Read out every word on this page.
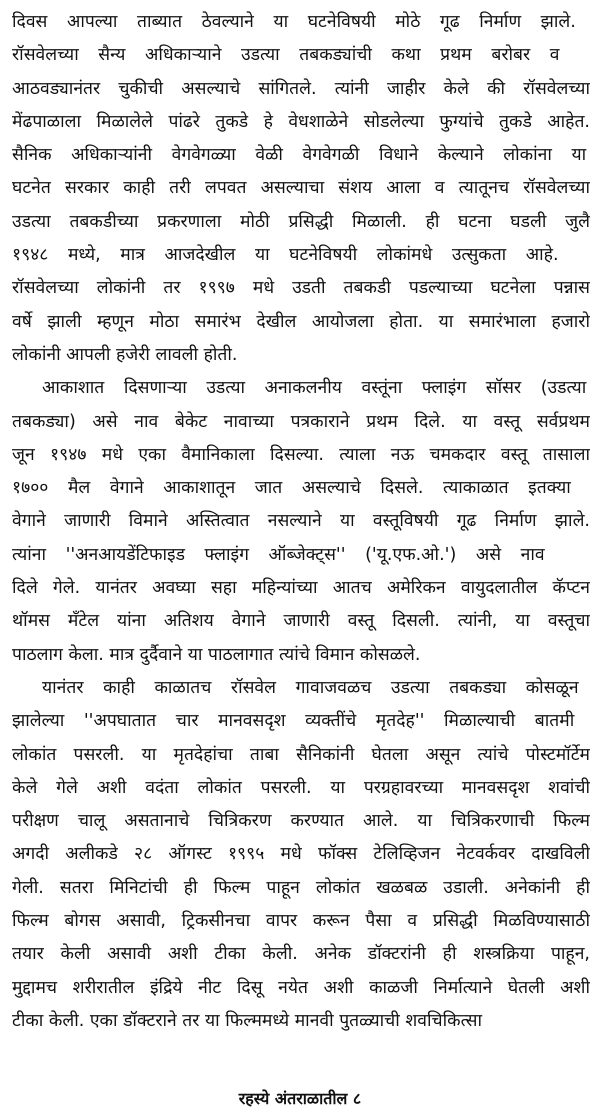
दिवस आपल्या ताब्यात ठेवल्याने या घटनेविषयी मोठे गूढ निर्माण झाले.
रॉसवेलच्या सैन्य अधिकाऱ्याने उडत्या तबकड्यांची कथा प्रथम बरोबर व
आठवड्यानंतर चुकीची असल्याचे सांगितले. त्यांनी जाहीर केले की रॉसवेलच्या
मेंढपाळाला मिळालेले पांढरे तुकडे हे वेधशाळेने सोडलेल्या फुग्यांचे तुकडे आहेत.
सैनिक अधिकाऱ्यांनी वेगवेगळ्या वेळी वेगवेगळी विधाने केल्याने लोकांना या
घटनेत सरकार काही तरी लपवत असल्याचा संशय आला व त्यातूनच रॉसवेलच्या
उडत्या तबकडीच्या प्रकरणाला मोठी प्रसिद्धी मिळाली. ही घटना घडली जुलै
१९४८ मध्ये, मात्र आजदेखील या घटनेविषयी लोकांमधे उत्सुकता आहे.
रॉसवेलच्या लोकांनी तर १९९७ मधे उडती तबकडी पडल्याच्या घटनेला पन्नास
वर्षे झाली म्हणून मोठा समारंभ देखील आयोजला होता. या समारंभाला हजारो
लोकांनी आपली हजेरी लावली होती.
आकाशात दिसणाऱ्या उडत्या अनाकलनीय वस्तूंना फ्लाइंग सॉसर (उडत्या
तबकड्या) असे नाव बेकेट नावाच्या पत्रकाराने प्रथम दिले. या वस्तू सर्वप्रथम
जून १९४७ मधे एका वैमानिकाला दिसल्या. त्याला नऊ चमकदार वस्तू तासाला
१७०० मैल वेगाने आकाशातून जात असल्याचे दिसले. त्याकाळात इतक्या
वेगाने जाणारी विमाने अस्तित्वात नसल्याने या वस्तूविषयी गूढ निर्माण झाले.
त्यांना ''अनआयडेंटिफाइड फ्लाइंग ऑब्जेक्ट्स'' ('यू.एफ.ओ.') असे नाव
दिले गेले. यानंतर अवघ्या सहा महिन्यांच्या आतच अमेरिकन वायुदलातील कॅप्टन
थॉमस मॅंटेल यांना अतिशय वेगाने जाणारी वस्तू दिसली. त्यांनी, या वस्तूचा
पाठलाग केला. मात्र दुर्दैवाने या पाठलागात त्यांचे विमान कोसळले.
यानंतर काही काळातच रॉसवेल गावाजवळच उडत्या तबकड्या कोसळून
झालेल्या ''अपघातात चार मानवसदृश व्यक्तींचे मृतदेह'' मिळाल्याची बातमी
लोकांत पसरली. या मृतदेहांचा ताबा सैनिकांनी घेतला असून त्यांचे पोस्टमॉर्टेम
केले गेले अशी वदंता लोकांत पसरली. या परग्रहावरच्या मानवसदृश शवांची
परीक्षण चालू असतानाचे चित्रिकरण करण्यात आले. या चित्रिकरणाची फिल्म
अगदी अलीकडे २८ ऑगस्ट १९९५ मधे फॉक्स टेलिव्हिजन नेटवर्कवर दाखविली
गेली. सतरा मिनिटांची ही फिल्म पाहून लोकांत खळबळ उडाली. अनेकांनी ही
फिल्म बोगस असावी, ट्रिकसीनचा वापर करून पैसा व प्रसिद्धी मिळविण्यासाठी
तयार केली असावी अशी टीका केली. अनेक डॉक्टरांनी ही शस्त्रक्रिया पाहून,
मुद्दामच शरीरातील इंद्रिये नीट दिसू नयेत अशी काळजी निर्मात्याने घेतली अशी
टीका केली. एका डॉक्टराने तर या फिल्ममध्ये मानवी पुतळ्याची शवचिकित्सा
रहस्ये अंतराळातील ८
